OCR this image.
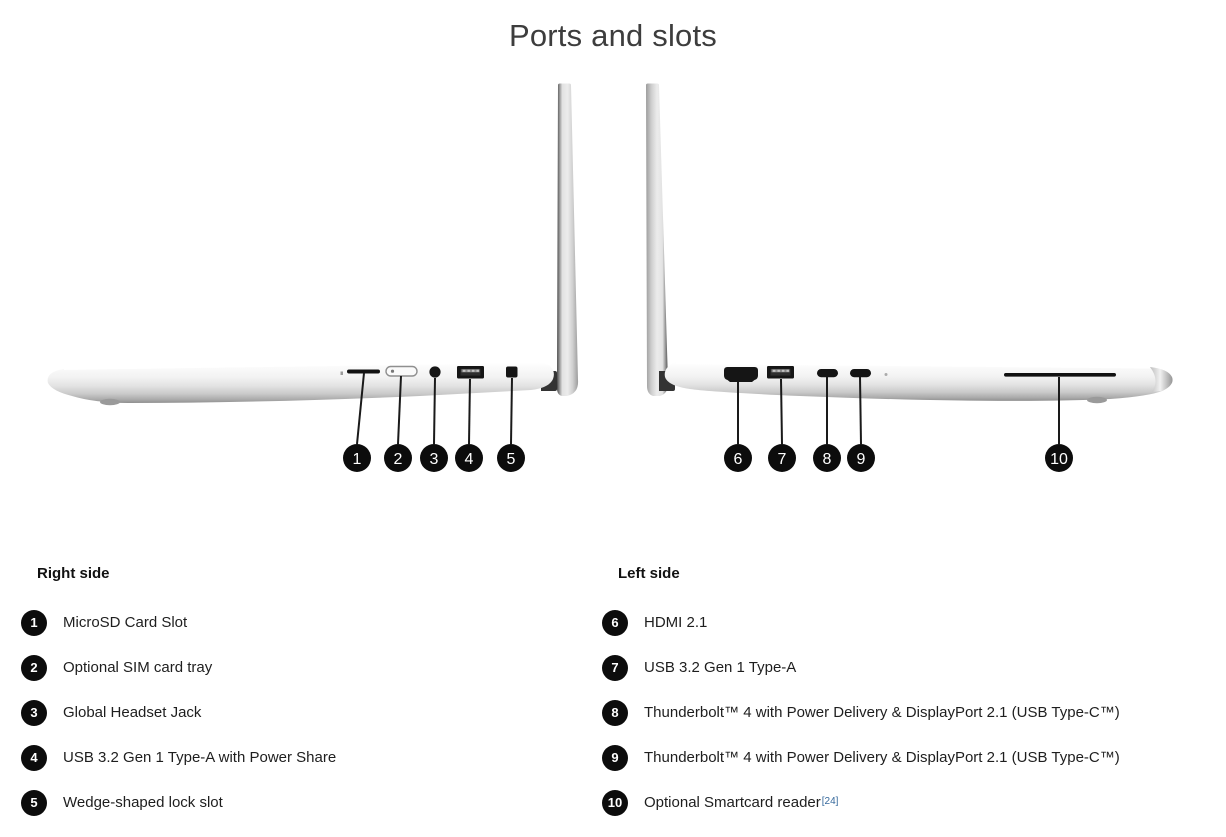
Ports and slots
1 2 3 4 5	6 7 8 9	10
Right side
1	MicroSD Card Slot
2	Optional SIM card tray
3	Global Headset Jack
4	USB 3.2 Gen 1 Type-A with Power Share
5	Wedge-shaped lock slot
Left side
6	HDMI 2.1
7	USB 3.2 Gen 1 Type-A
8	Thunderbolt™ 4 with Power Delivery & DisplayPort 2.1 (USB Type-C™)
9	Thunderbolt™ 4 with Power Delivery & DisplayPort 2.1 (USB Type-C™)
10	Optional Smartcard reader[24]
